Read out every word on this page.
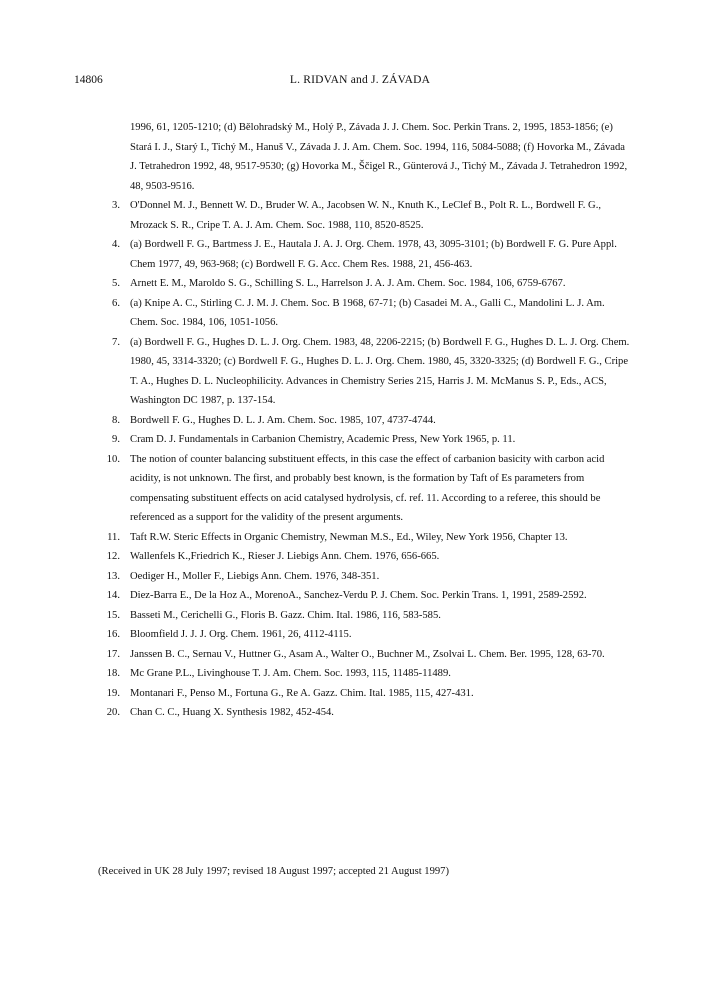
14806	L. RIDVAN and J. ZÁVADA
1996, 61, 1205-1210; (d) Bělohradský M., Holý P., Závada J. J. Chem. Soc. Perkin Trans. 2, 1995, 1853-1856; (e) Stará I. J., Starý I., Tichý M., Hanuš V., Závada J. J. Am. Chem. Soc. 1994, 116, 5084-5088; (f) Hovorka M., Závada J. Tetrahedron 1992, 48, 9517-9530; (g) Hovorka M., Ščigel R., Günterová J., Tichý M., Závada J. Tetrahedron 1992, 48, 9503-9516.
3. O'Donnel M. J., Bennett W. D., Bruder W. A., Jacobsen W. N., Knuth K., LeClef B., Polt R. L., Bordwell F. G., Mrozack S. R., Cripe T. A. J. Am. Chem. Soc. 1988, 110, 8520-8525.
4. (a) Bordwell F. G., Bartmess J. E., Hautala J. A. J. Org. Chem. 1978, 43, 3095-3101; (b) Bordwell F. G. Pure Appl. Chem 1977, 49, 963-968; (c) Bordwell F. G. Acc. Chem Res. 1988, 21, 456-463.
5. Arnett E. M., Maroldo S. G., Schilling S. L., Harrelson J. A. J. Am. Chem. Soc. 1984, 106, 6759-6767.
6. (a) Knipe A. C., Stirling C. J. M. J. Chem. Soc. B 1968, 67-71; (b) Casadei M. A., Galli C., Mandolini L. J. Am. Chem. Soc. 1984, 106, 1051-1056.
7. (a) Bordwell F. G., Hughes D. L. J. Org. Chem. 1983, 48, 2206-2215; (b) Bordwell F. G., Hughes D. L. J. Org. Chem. 1980, 45, 3314-3320; (c) Bordwell F. G., Hughes D. L. J. Org. Chem. 1980, 45, 3320-3325; (d) Bordwell F. G., Cripe T. A., Hughes D. L. Nucleophilicity. Advances in Chemistry Series 215, Harris J. M. McManus S. P., Eds., ACS, Washington DC 1987, p. 137-154.
8. Bordwell F. G., Hughes D. L. J. Am. Chem. Soc. 1985, 107, 4737-4744.
9. Cram D. J. Fundamentals in Carbanion Chemistry, Academic Press, New York 1965, p. 11.
10. The notion of counter balancing substituent effects, in this case the effect of carbanion basicity with carbon acid acidity, is not unknown. The first, and probably best known, is the formation by Taft of Es parameters from compensating substituent effects on acid catalysed hydrolysis, cf. ref. 11. According to a referee, this should be referenced as a support for the validity of the present arguments.
11. Taft R.W. Steric Effects in Organic Chemistry, Newman M.S., Ed., Wiley, New York 1956, Chapter 13.
12. Wallenfels K.,Friedrich K., Rieser J. Liebigs Ann. Chem. 1976, 656-665.
13. Oediger H., Moller F., Liebigs Ann. Chem. 1976, 348-351.
14. Diez-Barra E., De la Hoz A., MorenoA., Sanchez-Verdu P. J. Chem. Soc. Perkin Trans. 1, 1991, 2589-2592.
15. Basseti M., Cerichelli G., Floris B. Gazz. Chim. Ital. 1986, 116, 583-585.
16. Bloomfield J. J. J. Org. Chem. 1961, 26, 4112-4115.
17. Janssen B. C., Sernau V., Huttner G., Asam A., Walter O., Buchner M., Zsolvai L. Chem. Ber. 1995, 128, 63-70.
18. Mc Grane P.L., Livinghouse T. J. Am. Chem. Soc. 1993, 115, 11485-11489.
19. Montanari F., Penso M., Fortuna G., Re A. Gazz. Chim. Ital. 1985, 115, 427-431.
20. Chan C. C., Huang X. Synthesis 1982, 452-454.
(Received in UK 28 July 1997; revised 18 August 1997; accepted 21 August 1997)
